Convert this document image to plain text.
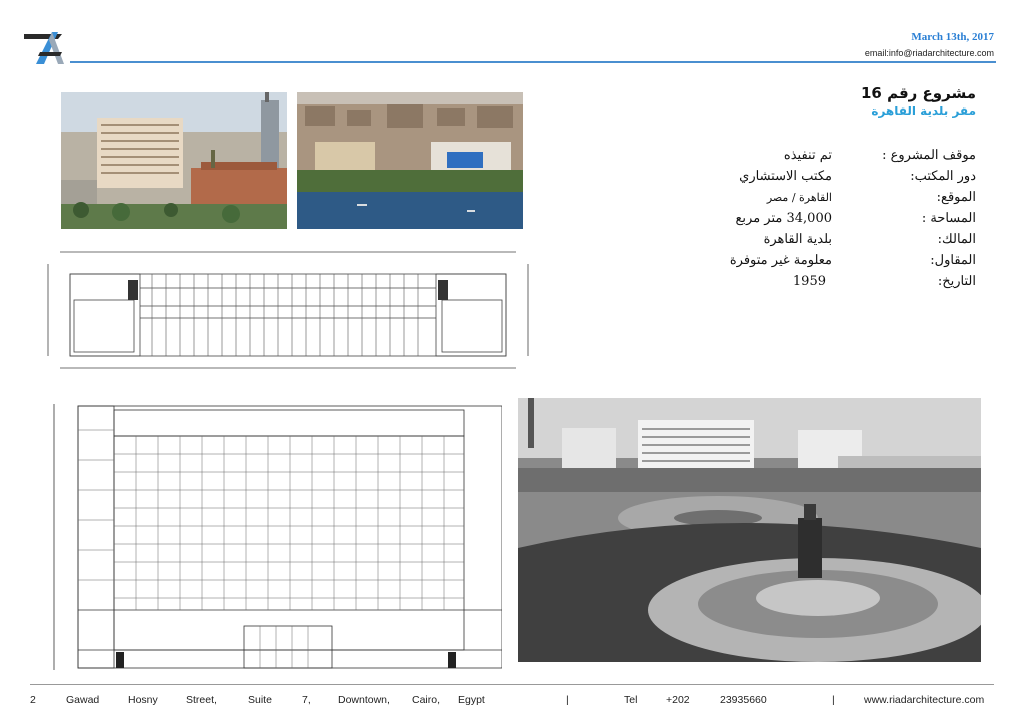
March 13th, 2017
email:info@riadarchitecture.com
مشروع رقم 16
مقر بلدية القاهرة
موقف المشروع :
تم تنفيذه
دور المكتب:
مكتب الاستشاري
الموقع:
القاهرة / مصر
المساحة :
34,000 متر مربع
المالك:
بلدية القاهرة
المقاول:
معلومة غير متوفرة
التاريخ:
1959
2	Gawad	Hosny	Street,	Suite	7,	Downtown, Cairo, Egypt	|	Tel	+202	23935660	|	www.riadarchitecture.com
